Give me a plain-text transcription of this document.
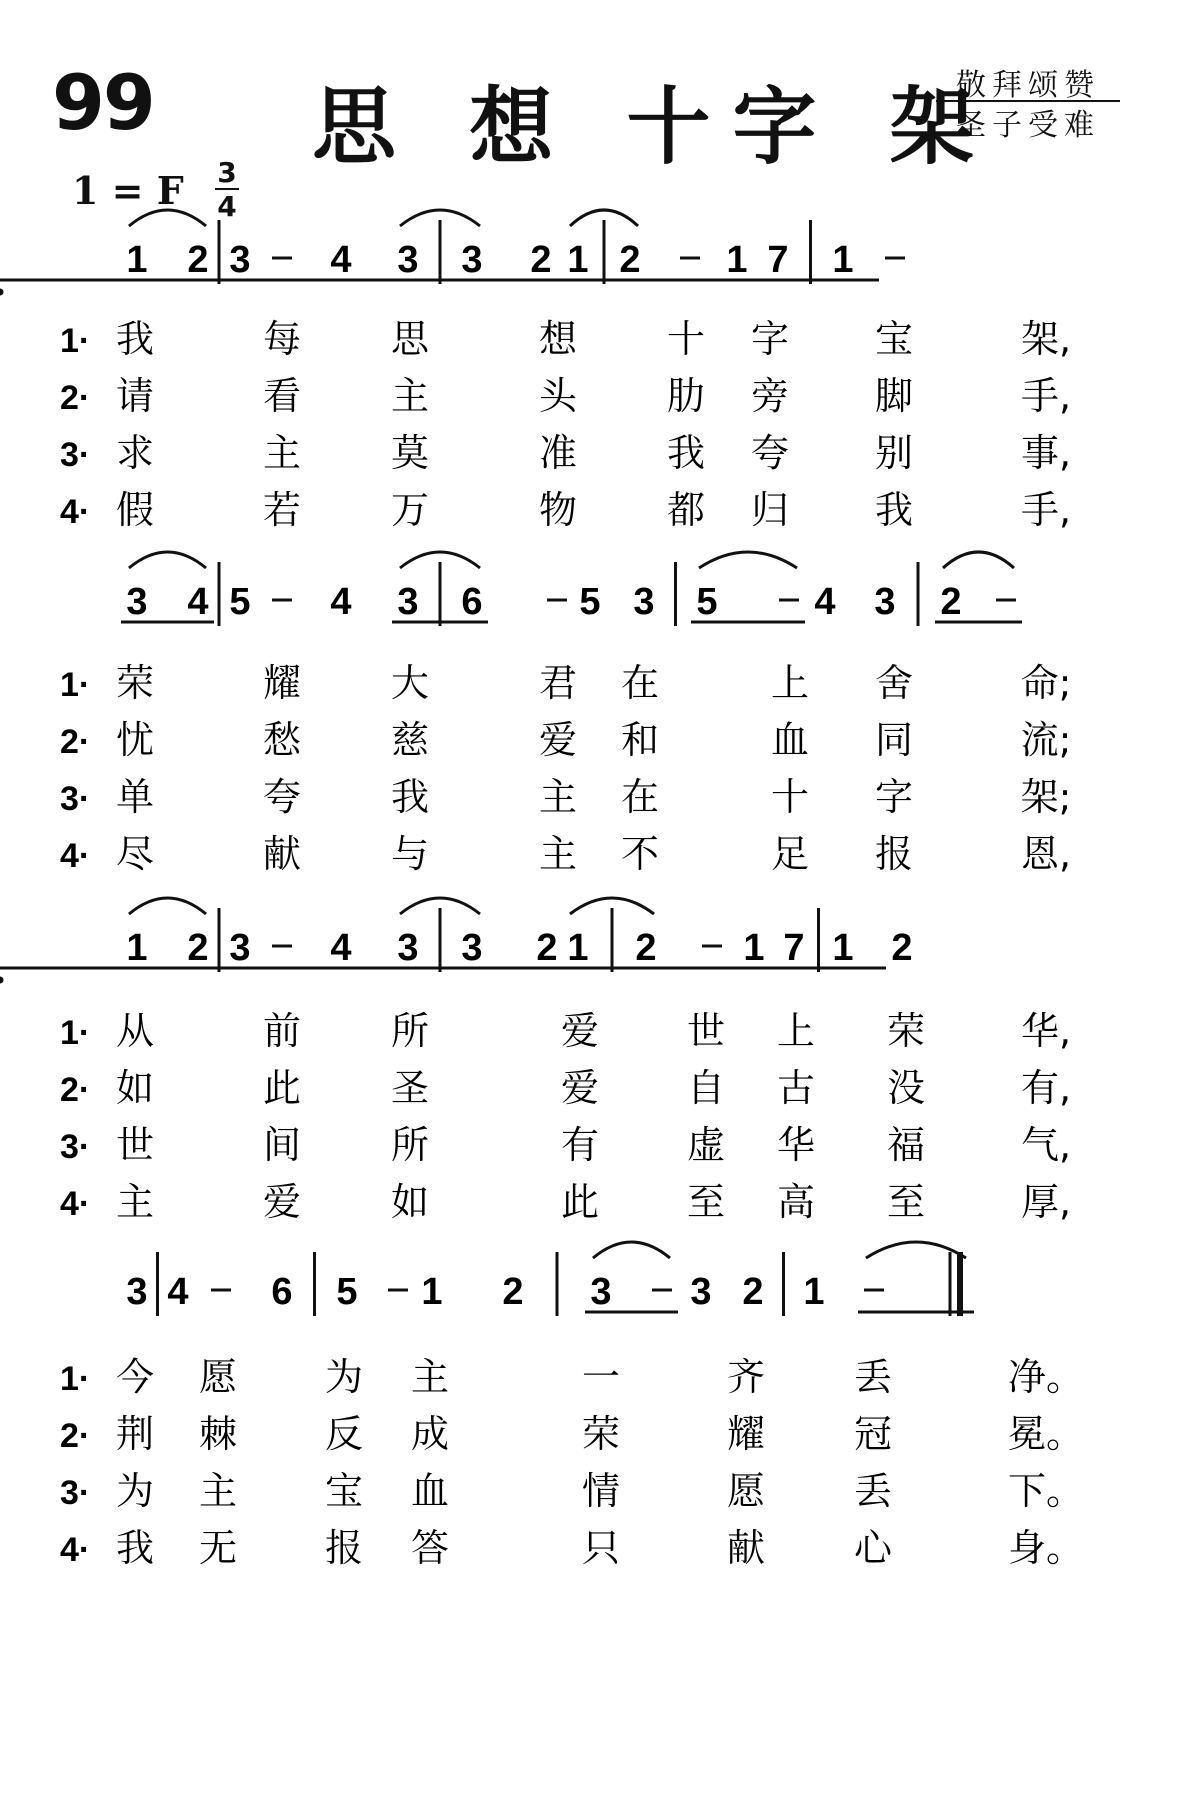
99 思 想 十字 架
敬拜颂赞
圣子受难
1 = F 3
4
1 2 3 4 3 3 2 1 2 1 7 1
1· 我	每 思	想 十 字 宝	架,
2· 请	看 主	头 肋 旁 脚	手,
3· 求	主 莫	准 我 夸 别	事,
4· 假	若 万	物 都 归 我	手,
3 4 5 4 3 6	5 3 5	4 3 2
1· 荣	耀 大	君 在	上 舍	命;
2· 忧	愁 慈	爱 和	血 同	流;
3· 单	夸 我	主 在	十 字	架;
4· 尽	献 与	主 不	足 报	恩,
1 2 3 4 3 3 2 1 2 1 7 1 2
1· 从	前 所	爱 世 上 荣	华,
2· 如	此 圣	爱 自 古 没	有,
3· 世	间 所	有 虚 华 福	气,
4· 主	爱 如	此 至 高 至	厚,
3 4 6 5 1 2 3 3 2 1
1· 今 愿 为 主	一	齐 丢	净。
2· 荆 棘 反 成	荣	耀 冠	冕。
3· 为 主 宝 血	情	愿 丢	下。
4· 我 无 报 答	只	献 心	身。
